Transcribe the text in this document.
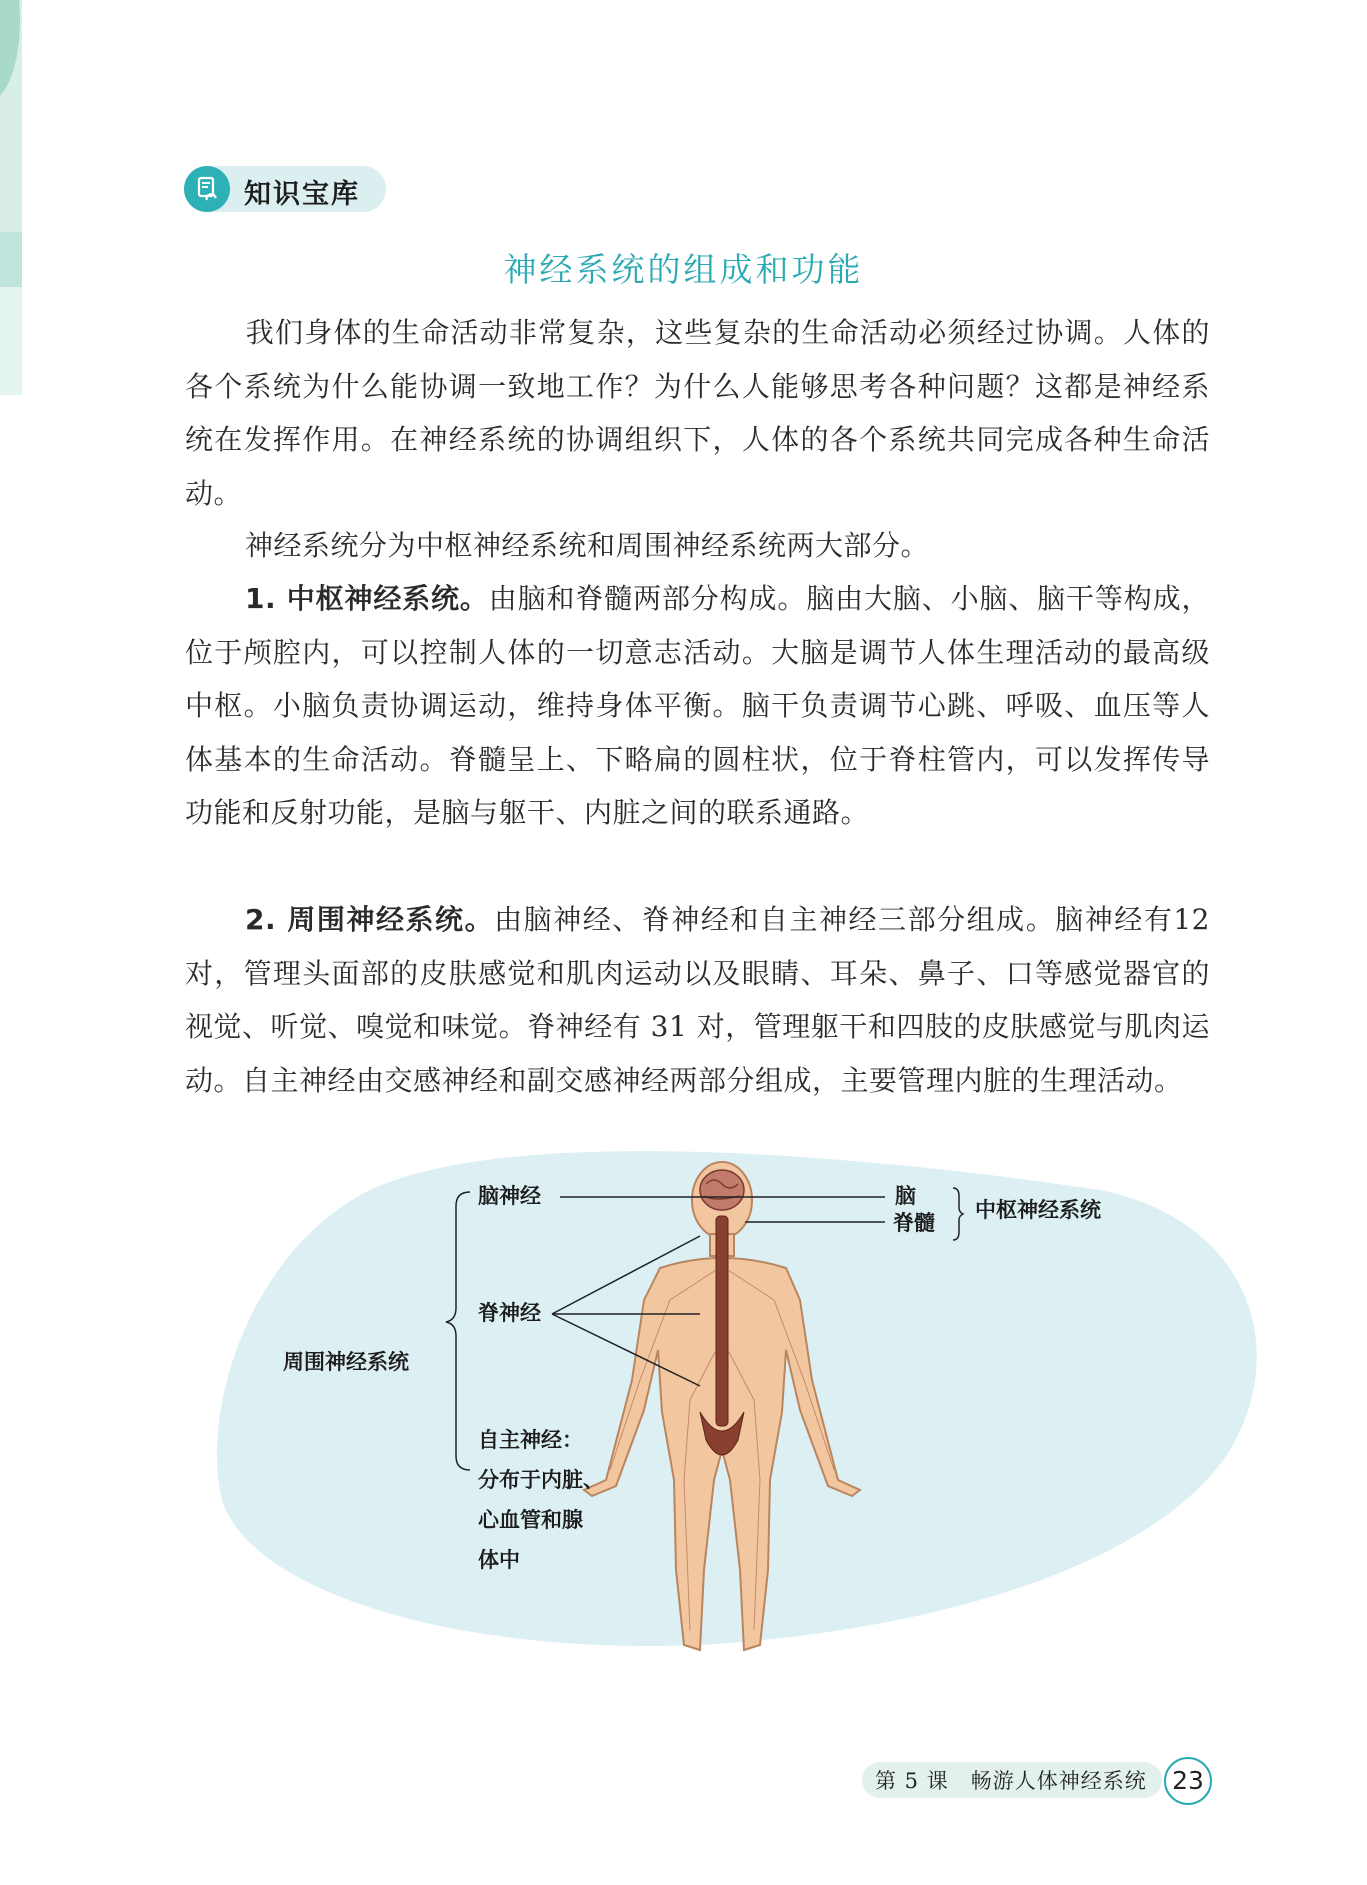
知识宝库
神经系统的组成和功能
我们身体的生命活动非常复杂，这些复杂的生命活动必须经过协调。人体的各个系统为什么能协调一致地工作？为什么人能够思考各种问题？这都是神经系统在发挥作用。在神经系统的协调组织下，人体的各个系统共同完成各种生命活动。
神经系统分为中枢神经系统和周围神经系统两大部分。
1. 中枢神经系统。由脑和脊髓两部分构成。脑由大脑、小脑、脑干等构成，位于颅腔内，可以控制人体的一切意志活动。大脑是调节人体生理活动的最高级中枢。小脑负责协调运动，维持身体平衡。脑干负责调节心跳、呼吸、血压等人体基本的生命活动。脊髓呈上、下略扁的圆柱状，位于脊柱管内，可以发挥传导功能和反射功能，是脑与躯干、内脏之间的联系通路。
2. 周围神经系统。由脑神经、脊神经和自主神经三部分组成。脑神经有12 对，管理头面部的皮肤感觉和肌肉运动以及眼睛、耳朵、鼻子、口等感觉器官的视觉、听觉、嗅觉和味觉。脊神经有 31 对，管理躯干和四肢的皮肤感觉与肌肉运动。自主神经由交感神经和副交感神经两部分组成，主要管理内脏的生理活动。
脑神经
脊神经
周围神经系统
自主神经：
分布于内脏、
心血管和腺
体中
脑
脊髓
中枢神经系统
第 5 课　畅游人体神经系统	23
